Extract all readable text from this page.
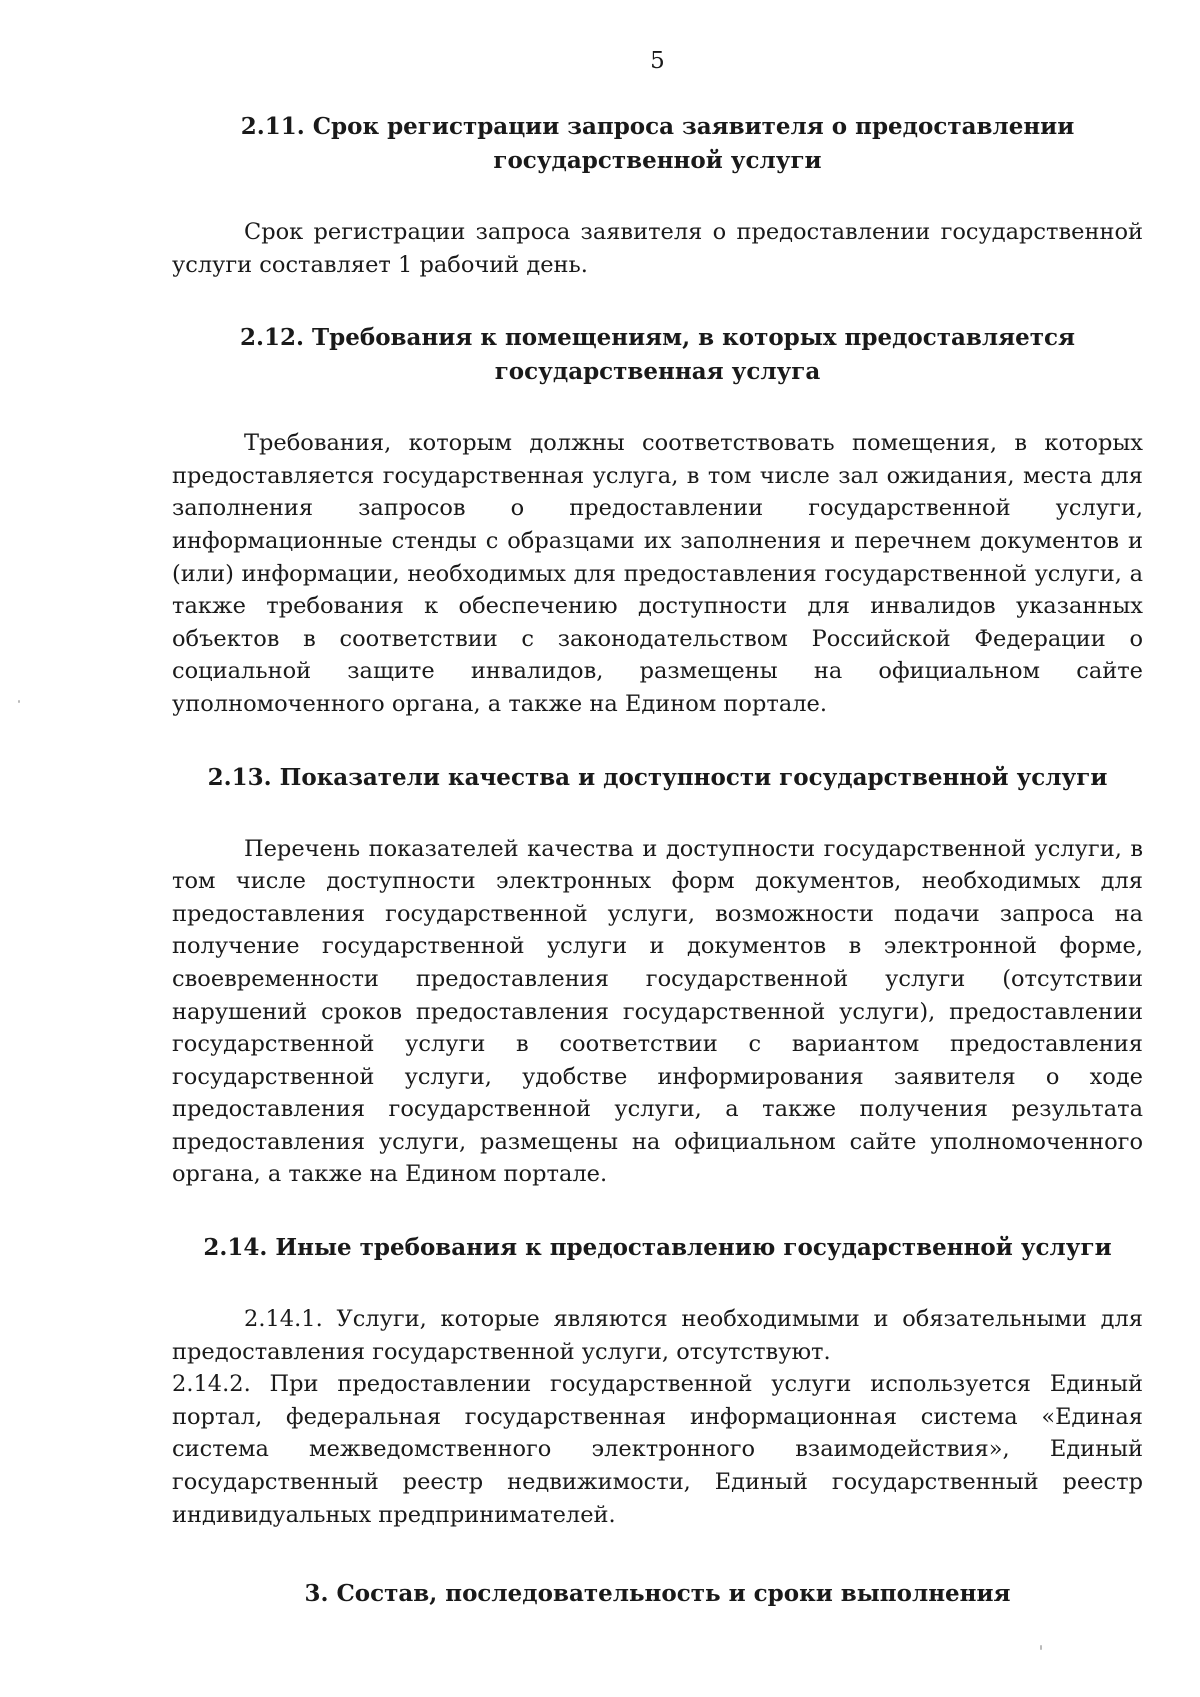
5
2.11. Срок регистрации запроса заявителя о предоставлении государственной услуги

Срок регистрации запроса заявителя о предоставлении государственной услуги составляет 1 рабочий день.

2.12. Требования к помещениям, в которых предоставляется государственная услуга

Требования, которым должны соответствовать помещения, в которых предоставляется государственная услуга, в том числе зал ожидания, места для заполнения запросов о предоставлении государственной услуги, информационные стенды с образцами их заполнения и перечнем документов и (или) информации, необходимых для предоставления государственной услуги, а также требования к обеспечению доступности для инвалидов указанных объектов в соответствии с законодательством Российской Федерации о социальной защите инвалидов, размещены на официальном сайте уполномоченного органа, а также на Едином портале.

2.13. Показатели качества и доступности государственной услуги

Перечень показателей качества и доступности государственной услуги, в том числе доступности электронных форм документов, необходимых для предоставления государственной услуги, возможности подачи запроса на получение государственной услуги и документов в электронной форме, своевременности предоставления государственной услуги (отсутствии нарушений сроков предоставления государственной услуги), предоставлении государственной услуги в соответствии с вариантом предоставления государственной услуги, удобстве информирования заявителя о ходе предоставления государственной услуги, а также получения результата предоставления услуги, размещены на официальном сайте уполномоченного органа, а также на Едином портале.

2.14. Иные требования к предоставлению государственной услуги

2.14.1. Услуги, которые являются необходимыми и обязательными для предоставления государственной услуги, отсутствуют.

2.14.2. При предоставлении государственной услуги используется Единый портал, федеральная государственная информационная система «Единая система межведомственного электронного взаимодействия», Единый государственный реестр недвижимости, Единый государственный реестр индивидуальных предпринимателей.

3. Состав, последовательность и сроки выполнения
